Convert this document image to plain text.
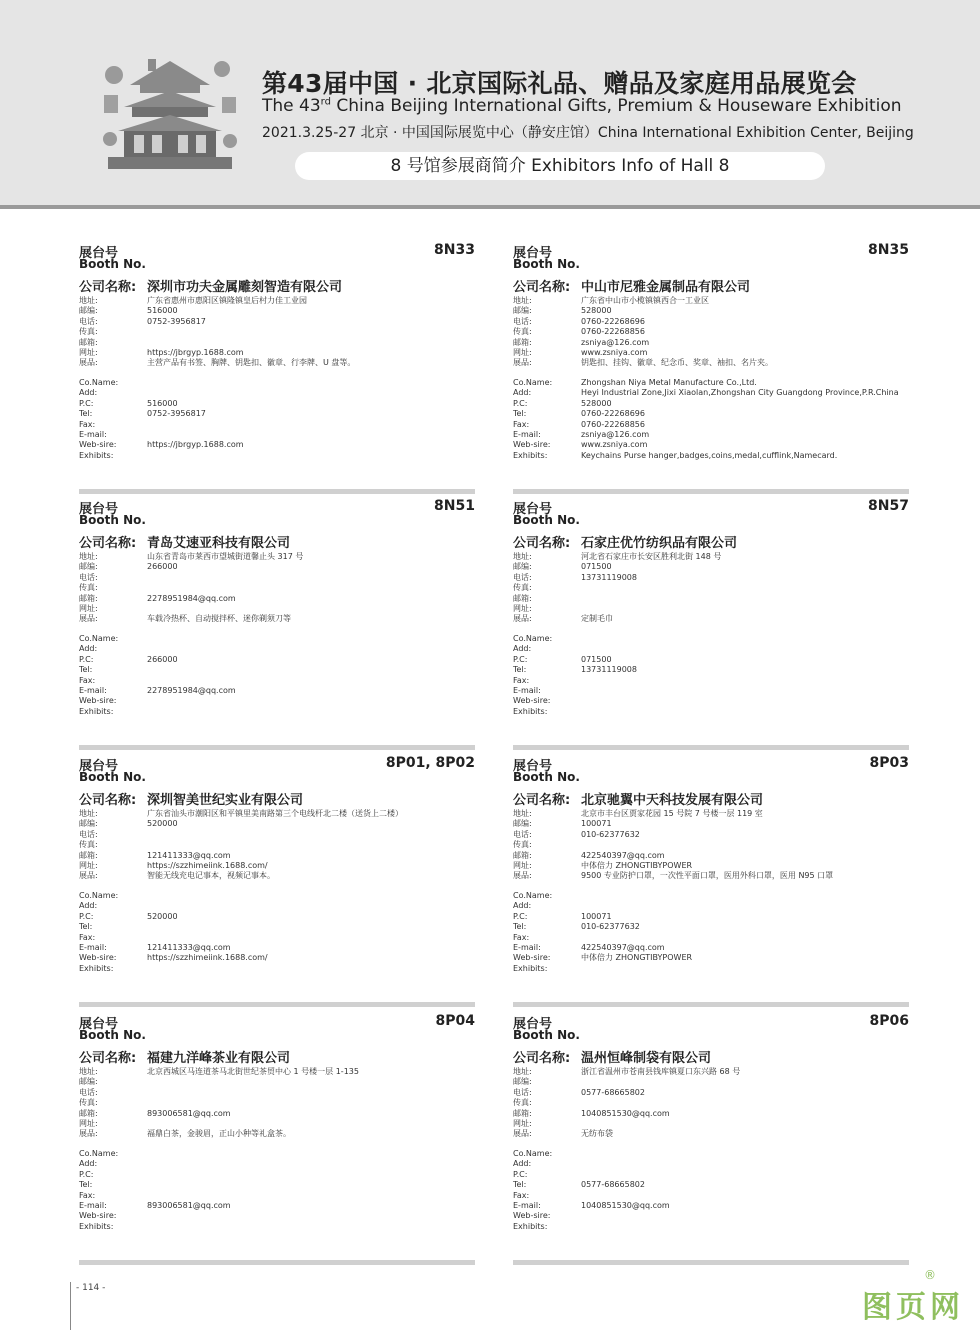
第43届中国 · 北京国际礼品、赠品及家庭用品展览会
The 43rd China Beijing International Gifts, Premium & Houseware Exhibition
2021.3.25-27 北京 · 中国国际展览中心（静安庄馆）China International Exhibition Center, Beijing
8 号馆参展商简介 Exhibitors Info of Hall 8
展台号
Booth No.
8N33
公司名称: 深圳市功夫金属雕刻智造有限公司
地址:	广东省惠州市惠阳区镇隆镇皇后村力佳工业园
邮编:	516000
电话:	0752-3956817
传真:
邮箱:
网址:	https://jbrgyp.1688.com
展品:	主营产品有书签、胸牌、钥匙扣、徽章、行李牌、U 盘等。
Co.Name:
Add:
P.C:	516000
Tel:	0752-3956817
Fax:
E-mail:
Web-sire:	https://jbrgyp.1688.com
Exhibits:
展台号
Booth No.
8N35
公司名称: 中山市尼雅金属制品有限公司
地址:	广东省中山市小榄镇镇西合一工业区
邮编:	528000
电话:	0760-22268696
传真:	0760-22268856
邮箱:	zsniya@126.com
网址:	www.zsniya.com
展品:	钥匙扣、挂钩、徽章、纪念币、奖章、袖扣、名片夹。
Co.Name:	Zhongshan Niya Metal Manufacture Co.,Ltd.
Add:	Heyi Industrial Zone,Jixi Xiaolan,Zhongshan City Guangdong Province,P.R.China
P.C:	528000
Tel:	0760-22268696
Fax:	0760-22268856
E-mail:	zsniya@126.com
Web-sire:	www.zsniya.com
Exhibits:	Keychains Purse hanger,badges,coins,medal,cufflink,Namecard.
展台号
Booth No.
8N51
公司名称: 青岛艾速亚科技有限公司
地址:	山东省青岛市莱西市望城街道馨止头 317 号
邮编:	266000
电话:
传真:
邮箱:	2278951984@qq.com
网址:
展品:	车载冷热杯、自动搅拌杯、迷你剃须刀等
Co.Name:
Add:
P.C:	266000
Tel:
Fax:
E-mail:	2278951984@qq.com
Web-sire:
Exhibits:
展台号
Booth No.
8N57
公司名称: 石家庄优竹纺织品有限公司
地址:	河北省石家庄市长安区胜利北街 148 号
邮编:	071500
电话:	13731119008
传真:
邮箱:
网址:
展品:	定制毛巾
Co.Name:
Add:
P.C:	071500
Tel:	13731119008
Fax:
E-mail:
Web-sire:
Exhibits:
展台号
Booth No.
8P01, 8P02
公司名称: 深圳智美世纪实业有限公司
地址:	广东省汕头市潮阳区和平镇里美南路第三个电线杆北二楼（送货上二楼）
邮编:	520000
电话:
传真:
邮箱:	121411333@qq.com
网址:	https://szzhimeiink.1688.com/
展品:	智能无线充电记事本，视频记事本。
Co.Name:
Add:
P.C:	520000
Tel:
Fax:
E-mail:	121411333@qq.com
Web-sire:	https://szzhimeiink.1688.com/
Exhibits:
展台号
Booth No.
8P03
公司名称: 北京驰翼中天科技发展有限公司
地址:	北京市丰台区贾家花园 15 号院 7 号楼一层 119 室
邮编:	100071
电话:	010-62377632
传真:
邮箱:	422540397@qq.com
网址:	中体倍力 ZHONGTIBYPOWER
展品:	9500 专业防护口罩，一次性平面口罩，医用外科口罩，医用 N95 口罩
Co.Name:
Add:
P.C:	100071
Tel:	010-62377632
Fax:
E-mail:	422540397@qq.com
Web-sire:	中体倍力 ZHONGTIBYPOWER
Exhibits:
展台号
Booth No.
8P04
公司名称: 福建九洋峰茶业有限公司
地址:	北京西城区马连道茶马北街世纪茶贸中心 1 号楼一层 1-135
邮编:
电话:
传真:
邮箱:	893006581@qq.com
网址:
展品:	福鼎白茶，金骏眉，正山小种等礼盒茶。
Co.Name:
Add:
P.C:
Tel:
Fax:
E-mail:	893006581@qq.com
Web-sire:
Exhibits:
展台号
Booth No.
8P06
公司名称: 温州恒峰制袋有限公司
地址:	浙江省温州市苍南县钱库镇夏口东兴路 68 号
邮编:
电话:	0577-68665802
传真:
邮箱:	1040851530@qq.com
网址:
展品:	无纺布袋
Co.Name:
Add:
P.C:
Tel:	0577-68665802
Fax:
E-mail:	1040851530@qq.com
Web-sire:
Exhibits:
- 114 -
®
图页网
